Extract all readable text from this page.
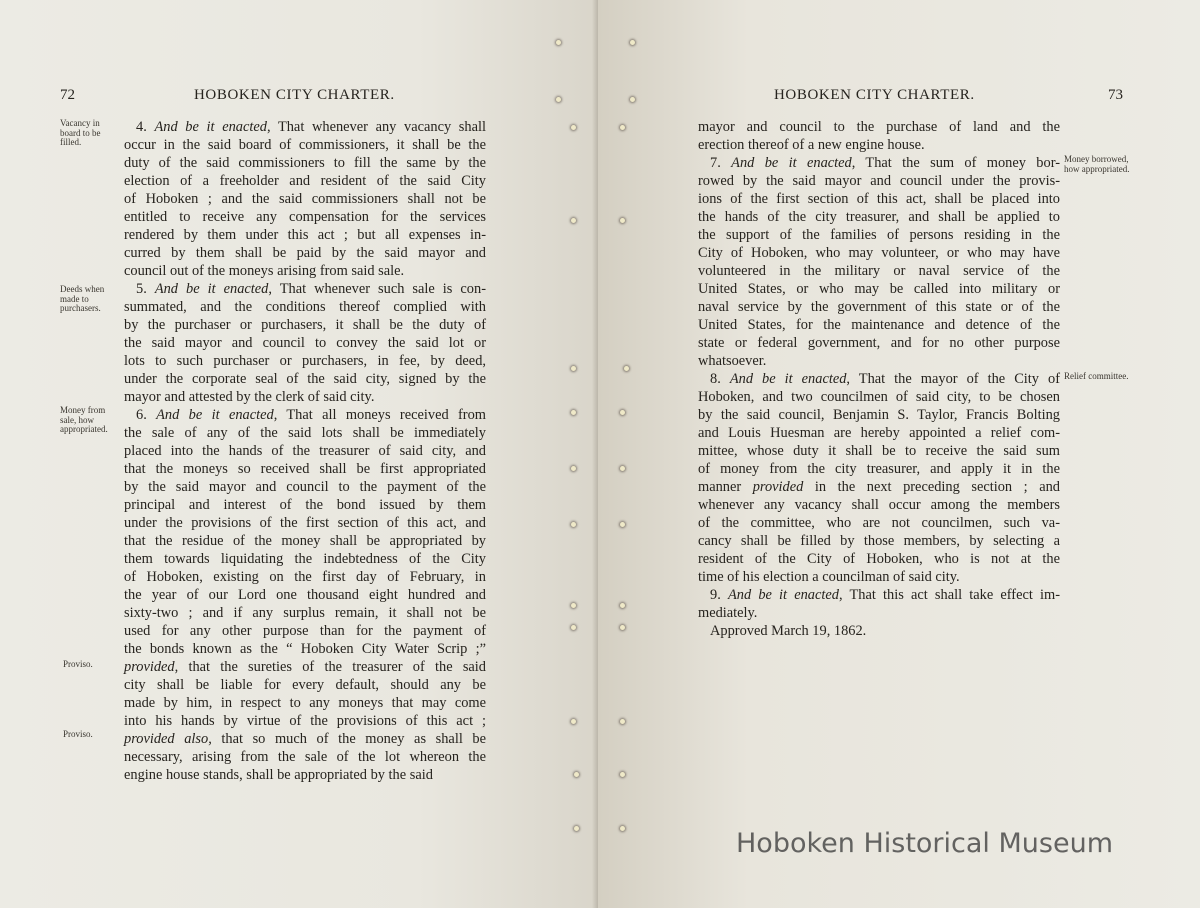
72	HOBOKEN CITY CHARTER.
Vacancy in board to be filled.
Deeds when made to purchasers.
Money from sale, how appropriated.
Proviso.
Proviso.
4. And be it enacted, That whenever any vacancy shall
occur in the said board of commissioners, it shall be the
duty of the said commissioners to fill the same by the
election of a freeholder and resident of the said City
of Hoboken ; and the said commissioners shall not be
entitled to receive any compensation for the services
rendered by them under this act ; but all expenses in-
curred by them shall be paid by the said mayor and
council out of the moneys arising from said sale.
5. And be it enacted, That whenever such sale is con-
summated, and the conditions thereof complied with
by the purchaser or purchasers, it shall be the duty of
the said mayor and council to convey the said lot or
lots to such purchaser or purchasers, in fee, by deed,
under the corporate seal of the said city, signed by the
mayor and attested by the clerk of said city.
6. And be it enacted, That all moneys received from
the sale of any of the said lots shall be immediately
placed into the hands of the treasurer of said city, and
that the moneys so received shall be first appropriated
by the said mayor and council to the payment of the
principal and interest of the bond issued by them
under the provisions of the first section of this act, and
that the residue of the money shall be appropriated by
them towards liquidating the indebtedness of the City
of Hoboken, existing on the first day of February, in
the year of our Lord one thousand eight hundred and
sixty-two ; and if any surplus remain, it shall not be
used for any other purpose than for the payment of
the bonds known as the “ Hoboken City Water Scrip ;”
provided, that the sureties of the treasurer of the said
city shall be liable for every default, should any be
made by him, in respect to any moneys that may come
into his hands by virtue of the provisions of this act ;
provided also, that so much of the money as shall be
necessary, arising from the sale of the lot whereon the
engine house stands, shall be appropriated by the said
HOBOKEN CITY CHARTER.	73
Money borrowed, how appropriated.
Relief committee.
mayor and council to the purchase of land and the
erection thereof of a new engine house.
7. And be it enacted, That the sum of money bor-
rowed by the said mayor and council under the provis-
ions of the first section of this act, shall be placed into
the hands of the city treasurer, and shall be applied to
the support of the families of persons residing in the
City of Hoboken, who may volunteer, or who may have
volunteered in the military or naval service of the
United States, or who may be called into military or
naval service by the government of this state or of the
United States, for the maintenance and detence of the
state or federal government, and for no other purpose
whatsoever.
8. And be it enacted, That the mayor of the City of
Hoboken, and two councilmen of said city, to be chosen
by the said council, Benjamin S. Taylor, Francis Bolting
and Louis Huesman are hereby appointed a relief com-
mittee, whose duty it shall be to receive the said sum
of money from the city treasurer, and apply it in the
manner provided in the next preceding section ; and
whenever any vacancy shall occur among the members
of the committee, who are not councilmen, such va-
cancy shall be filled by those members, by selecting a
resident of the City of Hoboken, who is not at the
time of his election a councilman of said city.
9. And be it enacted, That this act shall take effect im-
mediately.
Approved March 19, 1862.
Hoboken Historical Museum
